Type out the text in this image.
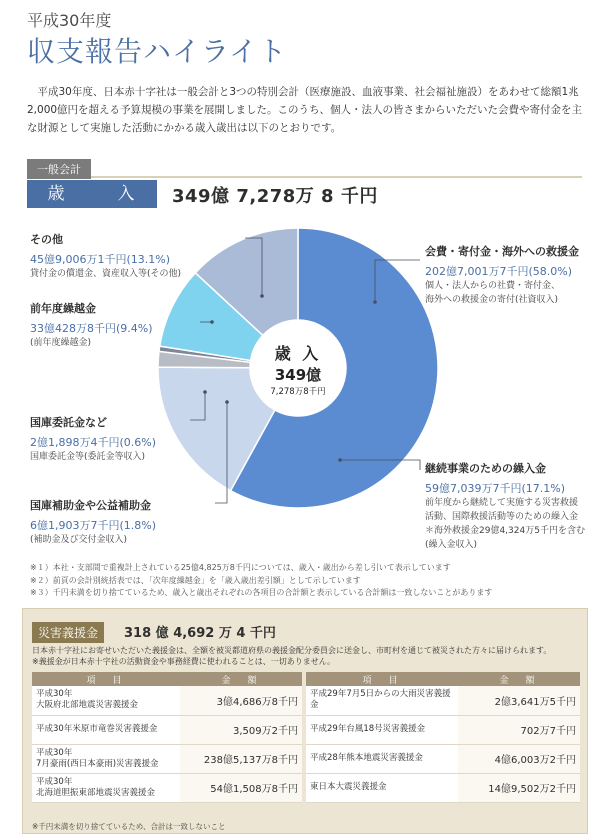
平成30年度
収支報告ハイライト

平成30年度、日本赤十字社は一般会計と3つの特別会計（医療施設、血液事業、社会福祉施設）をあわせて総額1兆2,000億円を超える予算規模の事業を展開しました。このうち、個人・法人の皆さまからいただいた会費や寄付金を主な財源として実施した活動にかかる歳入歳出は以下のとおりです。

一般会計
歳　入 349億 7,278万 8 千円
歳 入
349億
7,278万8千円
会費・寄付金・海外への救援金
202億7,001万7千円(58.0%)
個人・法人からの社費・寄付金、
海外への救援金の寄付(社資収入)
継続事業のための繰入金
59億7,039万7千円(17.1%)
前年度から継続して実施する災害救援
活動、国際救援活動等のための繰入金
＊海外救援金29億4,324万5千円を含む
(繰入金収入)
国庫補助金や公益補助金
6億1,903万7千円(1.8%)
(補助金及び交付金収入)
国庫委託金など
2億1,898万4千円(0.6%)
国庫委託金等(委託金等収入)
前年度繰越金
33億428万8千円(9.4%)
(前年度繰越金)
その他
45億9,006万1千円(13.1%)
貸付金の償還金、資産収入等(その他)
※１）本社・支部間で重複計上されている25億4,825万8千円については、歳入・歳出から差し引いて表示しています
※２）前頁の会計別統括表では、「次年度繰越金」を「歳入歳出差引額」として示しています
※３）千円未満を切り捨てているため、歳入と歳出それぞれの各項目の合計額と表示している合計額は一致しないことがあります
災害義援金	318 億 4,692 万 4 千円
日本赤十字社にお寄せいただいた義援金は、全額を被災都道府県の義援金配分委員会に送金し、市町村を通じて被災された方々に届けられます。
※義援金が日本赤十字社の活動資金や事務経費に使われることは、一切ありません。
項　目	金　額
平成30年
大阪府北部地震災害義援金	3億4,686万8千円
平成30年米原市竜巻災害義援金	3,509万2千円
平成30年
7月豪雨(西日本豪雨)災害義援金	238億5,137万8千円
平成30年
北海道胆振東部地震災害義援金	54億1,508万8千円
項　目	金　額
平成29年7月5日からの大雨災害義援金	2億3,641万5千円
平成29年台風18号災害義援金	702万7千円
平成28年熊本地震災害義援金	4億6,003万2千円
東日本大震災義援金	14億9,502万2千円
※千円未満を切り捨てているため、合計は一致しないこと
